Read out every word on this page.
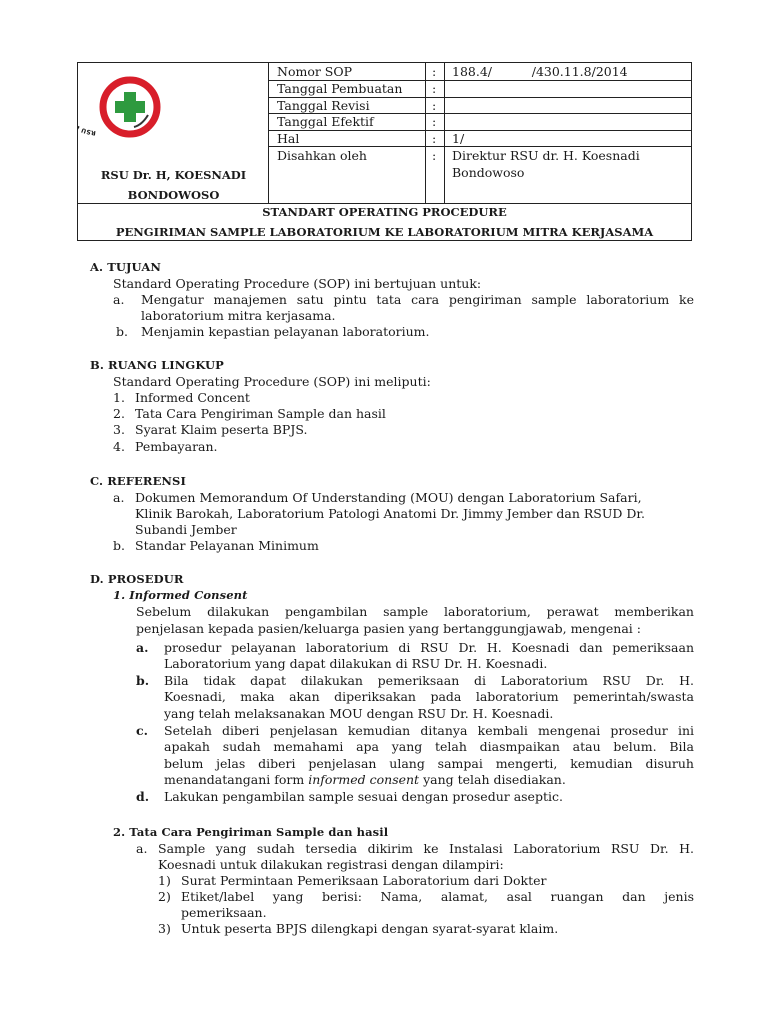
RSU
RSU Dr. H, KOESNADI
BONDOWOSO
Nomor SOP	: 188.4/          /430.11.8/2014
Tanggal Pembuatan :
Tanggal Revisi	:
Tanggal Efektif	:
Hal	: 1/
Disahkan oleh	: Direktur RSU dr. H. Koesnadi
Bondowoso
STANDART OPERATING PROCEDURE
PENGIRIMAN SAMPLE LABORATORIUM KE LABORATORIUM MITRA KERJASAMA
A. TUJUAN
Standard Operating Procedure (SOP) ini bertujuan untuk:
a. Mengatur manajemen satu pintu tata cara pengiriman sample laboratorium ke
laboratorium mitra kerjasama.
b. Menjamin kepastian pelayanan laboratorium.
B. RUANG LINGKUP
Standard Operating Procedure (SOP) ini meliputi:
1. Informed Concent
2. Tata Cara Pengiriman Sample dan hasil
3. Syarat Klaim peserta BPJS.
4. Pembayaran.
C. REFERENSI
a. Dokumen Memorandum Of Understanding (MOU) dengan Laboratorium Safari,
Klinik Barokah, Laboratorium Patologi Anatomi Dr. Jimmy Jember dan RSUD Dr.
Subandi Jember
b. Standar Pelayanan Minimum
D. PROSEDUR
1. Informed Consent
Sebelum dilakukan pengambilan sample laboratorium, perawat memberikan
penjelasan kepada pasien/keluarga pasien yang bertanggungjawab, mengenai :
a. prosedur pelayanan laboratorium di RSU Dr. H. Koesnadi dan pemeriksaan
Laboratorium yang dapat dilakukan di RSU Dr. H. Koesnadi.
b. Bila tidak dapat dilakukan pemeriksaan di Laboratorium RSU Dr. H.
Koesnadi, maka akan diperiksakan pada laboratorium pemerintah/swasta
yang telah melaksanakan MOU dengan RSU Dr. H. Koesnadi.
c. Setelah diberi penjelasan kemudian ditanya kembali mengenai prosedur ini
apakah sudah memahami apa yang telah diasmpaikan atau belum. Bila
belum jelas diberi penjelasan ulang sampai mengerti, kemudian disuruh
menandatangani form informed consent yang telah disediakan.
d. Lakukan pengambilan sample sesuai dengan prosedur aseptic.
2. Tata Cara Pengiriman Sample dan hasil
a. Sample yang sudah tersedia dikirim ke Instalasi Laboratorium RSU Dr. H.
Koesnadi untuk dilakukan registrasi dengan dilampiri:
1) Surat Permintaan Pemeriksaan Laboratorium dari Dokter
2) Etiket/label yang berisi: Nama, alamat, asal ruangan dan jenis
pemeriksaan.
3) Untuk peserta BPJS dilengkapi dengan syarat-syarat klaim.
